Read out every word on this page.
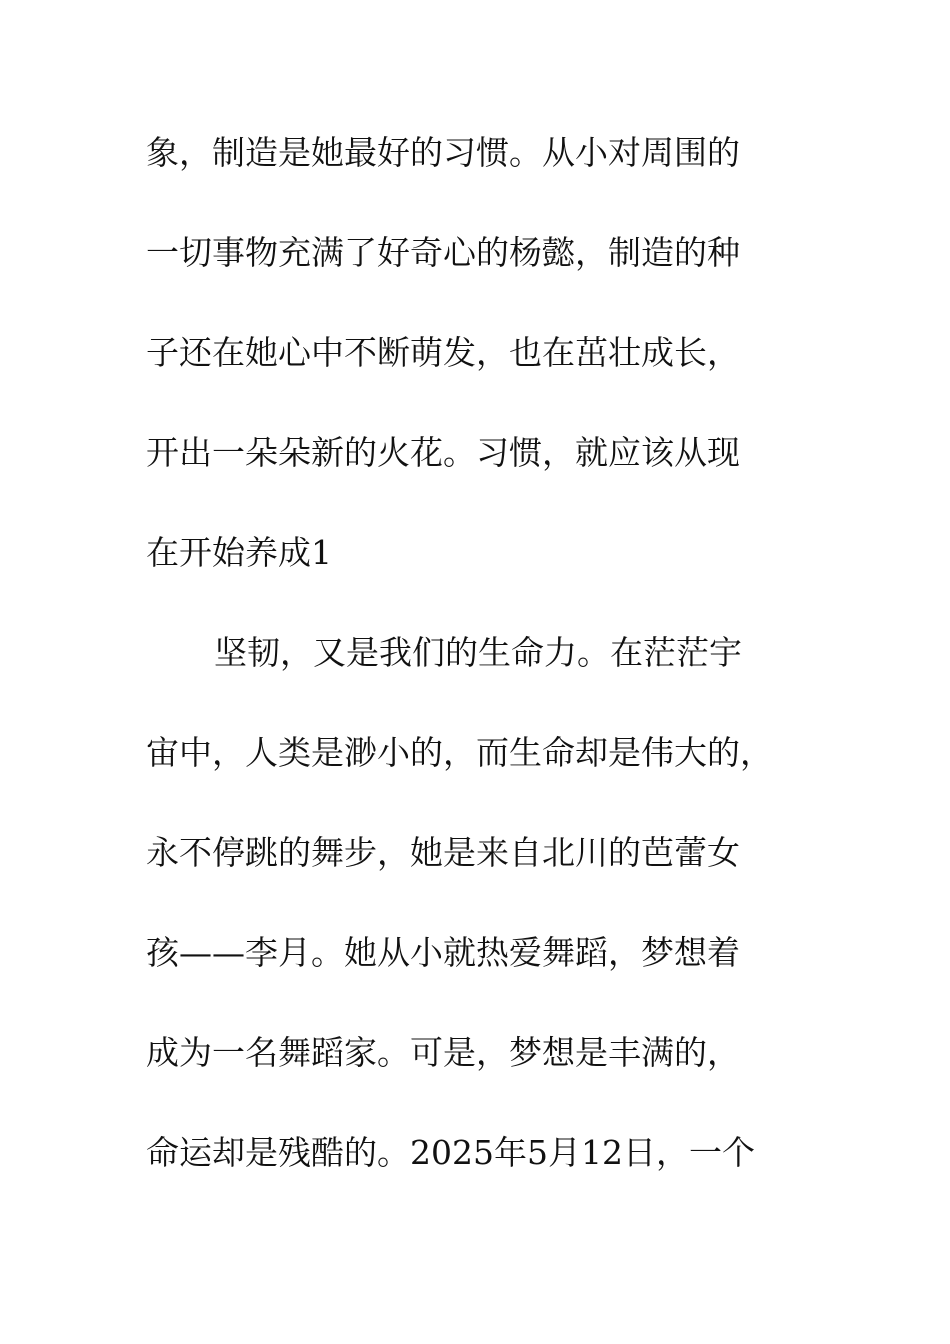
象，制造是她最好的习惯。从小对周围的
一切事物充满了好奇心的杨懿，制造的种
子还在她心中不断萌发，也在茁壮成长，
开出一朵朵新的火花。习惯，就应该从现
在开始养成1
坚韧，又是我们的生命力。在茫茫宇
宙中，人类是渺小的，而生命却是伟大的，
永不停跳的舞步，她是来自北川的芭蕾女
孩——李月。她从小就热爱舞蹈，梦想着
成为一名舞蹈家。可是，梦想是丰满的，
命运却是残酷的。2025年5月12日，一个
